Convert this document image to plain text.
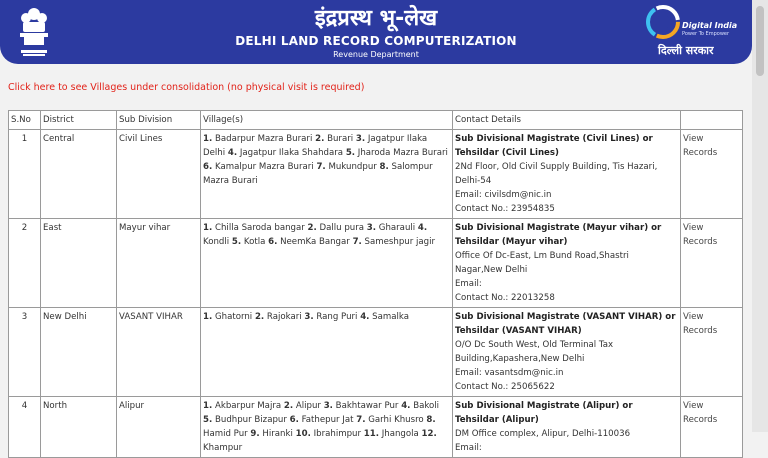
इंद्रप्रस्थ भू-लेख
DELHI LAND RECORD COMPUTERIZATION
Revenue Department
Digital India
Power To Empower
दिल्ली सरकार
Click here to see Villages under consolidation (no physical visit is required)
S.No	District	Sub Division	Village(s)	Contact Details	
1	Central	Civil Lines	1. Badarpur Mazra Burari 2. Burari 3. Jagatpur Ilaka Delhi 4. Jagatpur Ilaka Shahdara 5. Jharoda Mazra Burari 6. Kamalpur Mazra Burari 7. Mukundpur 8. Salompur Mazra Burari	Sub Divisional Magistrate (Civil Lines) or Tehsildar (Civil Lines)
2Nd Floor, Old Civil Supply Building, Tis Hazari, Delhi-54
Email: civilsdm@nic.in
Contact No.: 23954835	View Records
2	East	Mayur vihar	1. Chilla Saroda bangar 2. Dallu pura 3. Gharauli 4. Kondli 5. Kotla 6. NeemKa Bangar 7. Sameshpur jagir	Sub Divisional Magistrate (Mayur vihar) or Tehsildar (Mayur vihar)
Office Of Dc-East, Lm Bund Road,Shastri Nagar,New Delhi
Email:
Contact No.: 22013258	View Records
3	New Delhi	VASANT VIHAR	1. Ghatorni 2. Rajokari 3. Rang Puri 4. Samalka	Sub Divisional Magistrate (VASANT VIHAR) or Tehsildar (VASANT VIHAR)
O/O Dc South West, Old Terminal Tax Building,Kapashera,New Delhi
Email: vasantsdm@nic.in
Contact No.: 25065622	View Records
4	North	Alipur	1. Akbarpur Majra 2. Alipur 3. Bakhtawar Pur 4. Bakoli 5. Budhpur Bizapur 6. Fathepur Jat 7. Garhi Khusro 8. Hamid Pur 9. Hiranki 10. Ibrahimpur 11. Jhangola 12. Khampur	Sub Divisional Magistrate (Alipur) or Tehsildar (Alipur)
DM Office complex, Alipur, Delhi-110036
Email:	View Records
